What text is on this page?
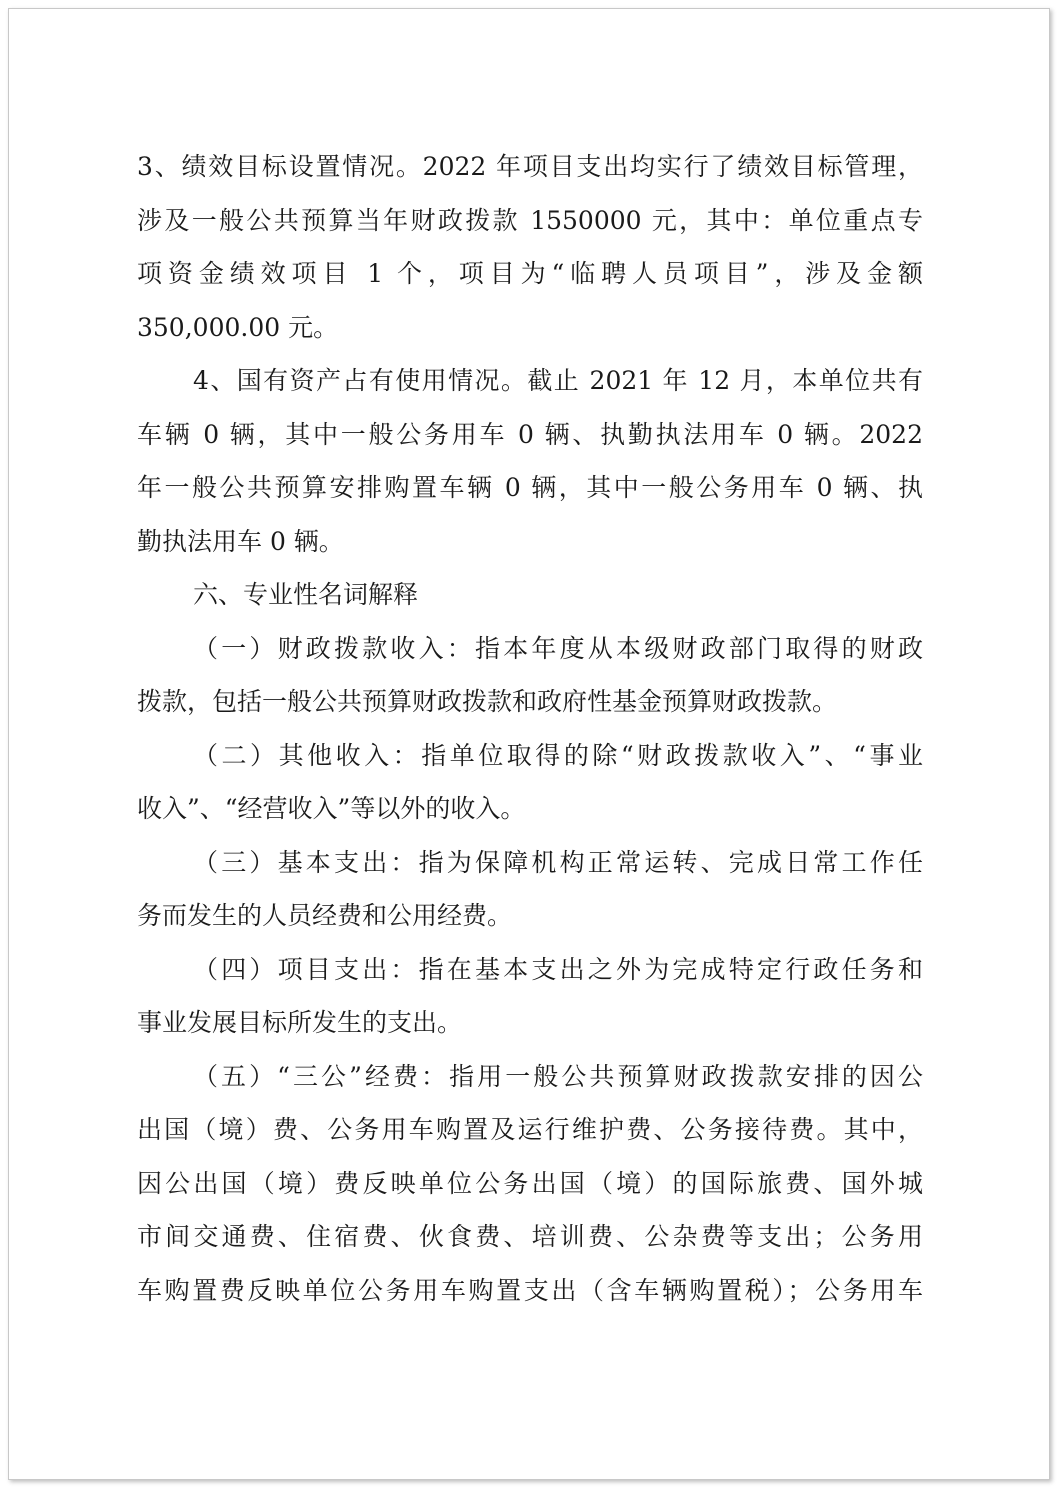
3、绩效目标设置情况。2022 年项目支出均实行了绩效目标管理，
涉及一般公共预算当年财政拨款 1550000 元，其中：单位重点专
项资金绩效项目 1 个，项目为“临聘人员项目”，涉及金额
350,000.00 元。
4、国有资产占有使用情况。截止 2021 年 12 月，本单位共有
车辆 0 辆，其中一般公务用车 0 辆、执勤执法用车 0 辆。2022
年一般公共预算安排购置车辆 0 辆，其中一般公务用车 0 辆、执
勤执法用车 0 辆。
六、专业性名词解释
（一）财政拨款收入：指本年度从本级财政部门取得的财政
拨款，包括一般公共预算财政拨款和政府性基金预算财政拨款。
（二）其他收入：指单位取得的除“财政拨款收入”、“事业
收入”、“经营收入”等以外的收入。
（三）基本支出：指为保障机构正常运转、完成日常工作任
务而发生的人员经费和公用经费。
（四）项目支出：指在基本支出之外为完成特定行政任务和
事业发展目标所发生的支出。
（五）“三公”经费：指用一般公共预算财政拨款安排的因公
出国（境）费、公务用车购置及运行维护费、公务接待费。其中，
因公出国（境）费反映单位公务出国（境）的国际旅费、国外城
市间交通费、住宿费、伙食费、培训费、公杂费等支出；公务用
车购置费反映单位公务用车购置支出（含车辆购置税）；公务用车
